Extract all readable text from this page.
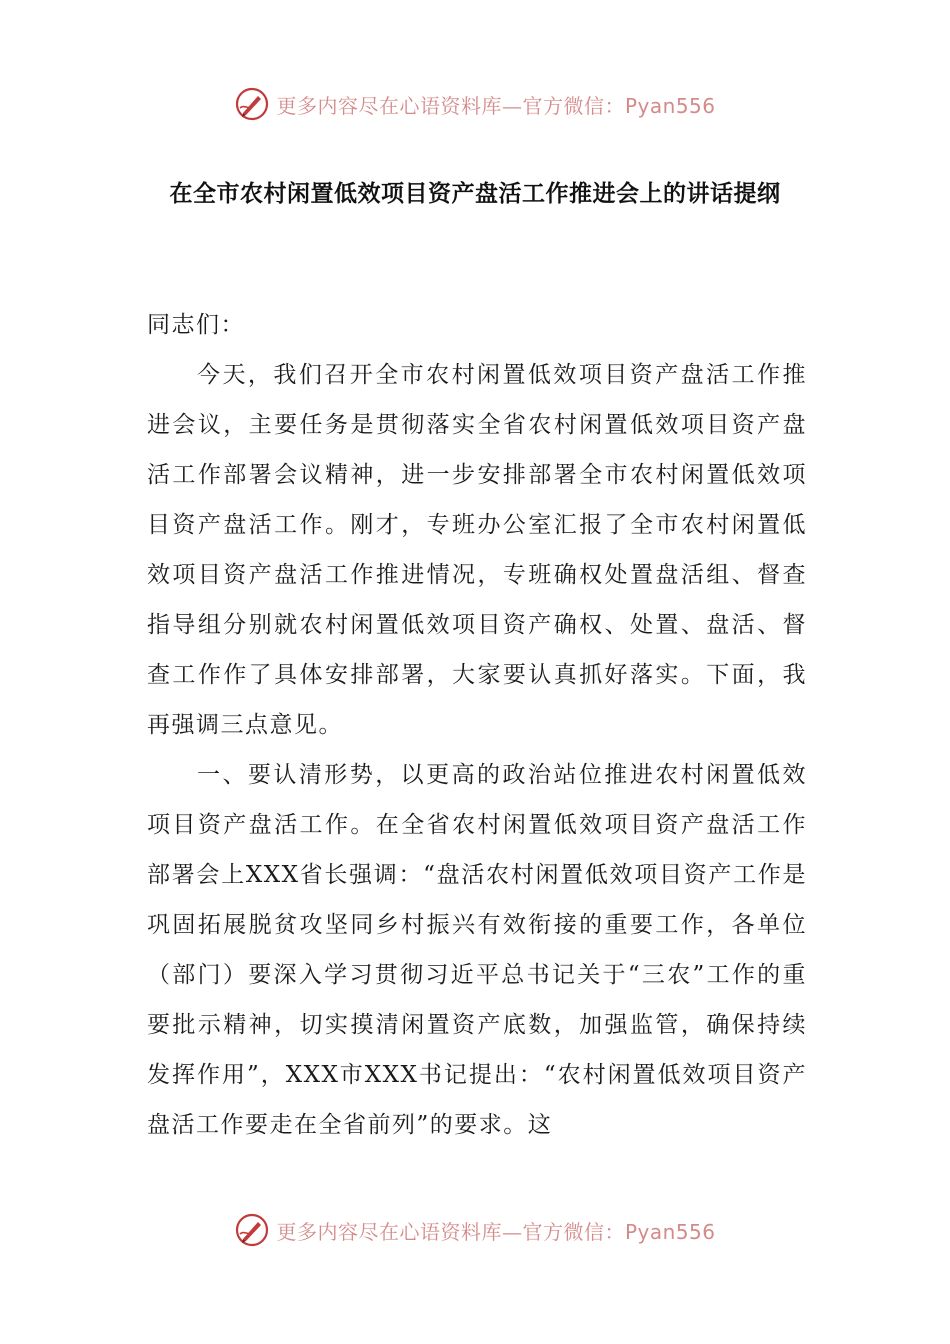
更多内容尽在心语资料库—官方微信：Pyan556
在全市农村闲置低效项目资产盘活工作推进会上的讲话提纲

同志们：

今天，我们召开全市农村闲置低效项目资产盘活工作推进会议，主要任务是贯彻落实全省农村闲置低效项目资产盘活工作部署会议精神，进一步安排部署全市农村闲置低效项目资产盘活工作。刚才，专班办公室汇报了全市农村闲置低效项目资产盘活工作推进情况，专班确权处置盘活组、督查指导组分别就农村闲置低效项目资产确权、处置、盘活、督查工作作了具体安排部署，大家要认真抓好落实。下面，我再强调三点意见。

一、要认清形势，以更高的政治站位推进农村闲置低效项目资产盘活工作。在全省农村闲置低效项目资产盘活工作部署会上XXX省长强调：“盘活农村闲置低效项目资产工作是巩固拓展脱贫攻坚同乡村振兴有效衔接的重要工作，各单位（部门）要深入学习贯彻习近平总书记关于“三农”工作的重要批示精神，切实摸清闲置资产底数，加强监管，确保持续发挥作用”，XXX市XXX书记提出：“农村闲置低效项目资产盘活工作要走在全省前列”的要求。这

更多内容尽在心语资料库—官方微信：Pyan556
